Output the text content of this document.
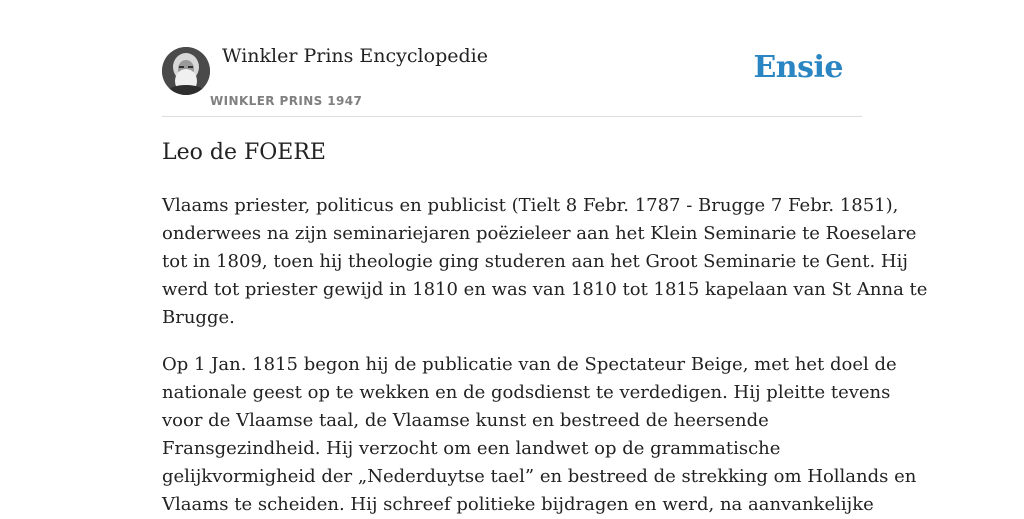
Winkler Prins Encyclopedie
WINKLER PRINS 1947
Ensie
Leo de FOERE

Vlaams priester, politicus en publicist (Tielt 8 Febr. 1787 - Brugge 7 Febr. 1851),
onderwees na zijn seminariejaren poëzieleer aan het Klein Seminarie te Roeselare
tot in 1809, toen hij theologie ging studeren aan het Groot Seminarie te Gent. Hij
werd tot priester gewijd in 1810 en was van 1810 tot 1815 kapelaan van St Anna te
Brugge.

Op 1 Jan. 1815 begon hij de publicatie van de Spectateur Beige, met het doel de
nationale geest op te wekken en de godsdienst te verdedigen. Hij pleitte tevens
voor de Vlaamse taal, de Vlaamse kunst en bestreed de heersende
Fransgezindheid. Hij verzocht om een landwet op de grammatische
gelijkvormigheid der „Nederduytse tael” en bestreed de strekking om Hollands en
Vlaams te scheiden. Hij schreef politieke bijdragen en werd, na aanvankelijke
